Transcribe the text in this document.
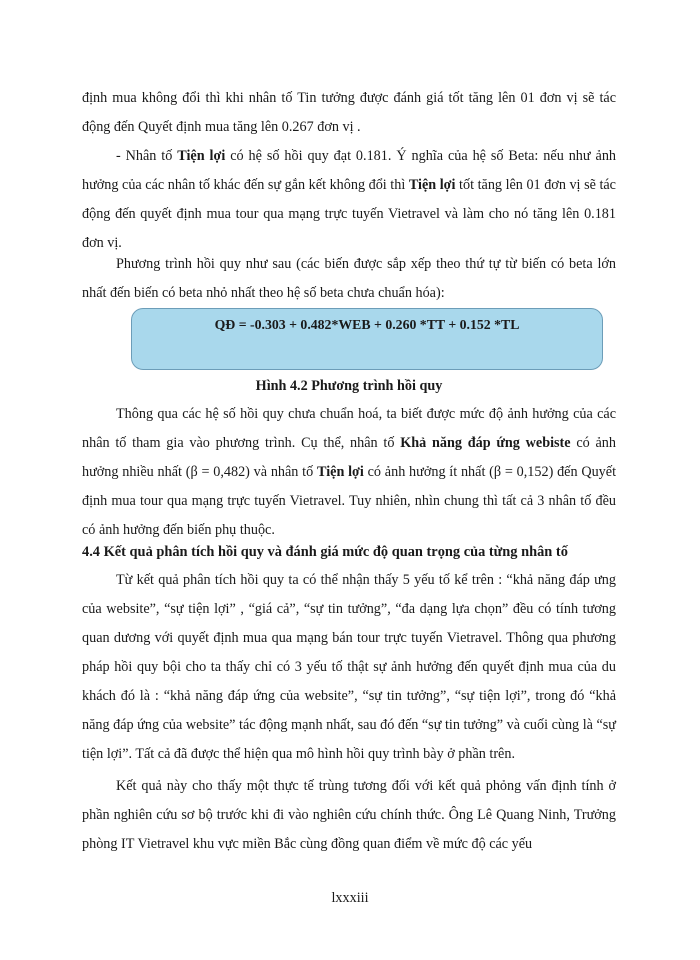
định mua không đổi thì khi nhân tố Tin tưởng được đánh giá tốt tăng lên 01 đơn vị sẽ tác động đến Quyết định mua tăng lên 0.267 đơn vị .

- Nhân tố Tiện lợi có hệ số hồi quy đạt 0.181. Ý nghĩa của hệ số Beta: nếu như ảnh hưởng của các nhân tố khác đến sự gắn kết không đổi thì Tiện lợi tốt tăng lên 01 đơn vị sẽ tác động đến quyết định mua tour qua mạng trực tuyến Vietravel và làm cho nó tăng lên 0.181 đơn vị.

Phương trình hồi quy như sau (các biến được sắp xếp theo thứ tự từ biến có beta lớn nhất đến biến có beta nhỏ nhất theo hệ số beta chưa chuẩn hóa):

QĐ = -0.303 + 0.482*WEB + 0.260 *TT + 0.152 *TL
Hình 4.2 Phương trình hồi quy

Thông qua các hệ số hồi quy chưa chuẩn hoá, ta biết được mức độ ảnh hưởng của các nhân tố tham gia vào phương trình. Cụ thể, nhân tố Khả năng đáp ứng webiste có ảnh hưởng nhiều nhất (β = 0,482) và nhân tố Tiện lợi có ảnh hưởng ít nhất (β = 0,152) đến Quyết định mua tour qua mạng trực tuyến Vietravel. Tuy nhiên, nhìn chung thì tất cả 3 nhân tố đều có ảnh hưởng đến biến phụ thuộc.

4.4 Kết quả phân tích hồi quy và đánh giá mức độ quan trọng của từng nhân tố

Từ kết quả phân tích hồi quy ta có thể nhận thấy 5 yếu tố kể trên : “khả năng đáp ưng của website”, “sự tiện lợi” , “giá cả”, “sự tin tưởng”, “đa dạng lựa chọn” đều có tính tương quan dương với quyết định mua qua mạng bán tour trực tuyến Vietravel. Thông qua phương pháp hồi quy bội cho ta thấy chỉ có 3 yếu tố thật sự ảnh hưởng đến quyết định mua của du khách đó là : “khả năng đáp ứng của website”, “sự tin tưởng”, “sự tiện lợi”, trong đó “khả năng đáp ứng của website” tác động mạnh nhất, sau đó đến “sự tin tưởng” và cuối cùng là “sự tiện lợi”. Tất cả đã được thể hiện qua mô hình hồi quy trình bày ở phần trên.

Kết quả này cho thấy một thực tế trùng tương đối với kết quả phỏng vấn định tính ở phần nghiên cứu sơ bộ trước khi đi vào nghiên cứu chính thức. Ông Lê Quang Ninh, Trưởng phòng IT Vietravel khu vực miền Bắc cùng đồng quan điểm về mức độ các yếu

lxxxiii
